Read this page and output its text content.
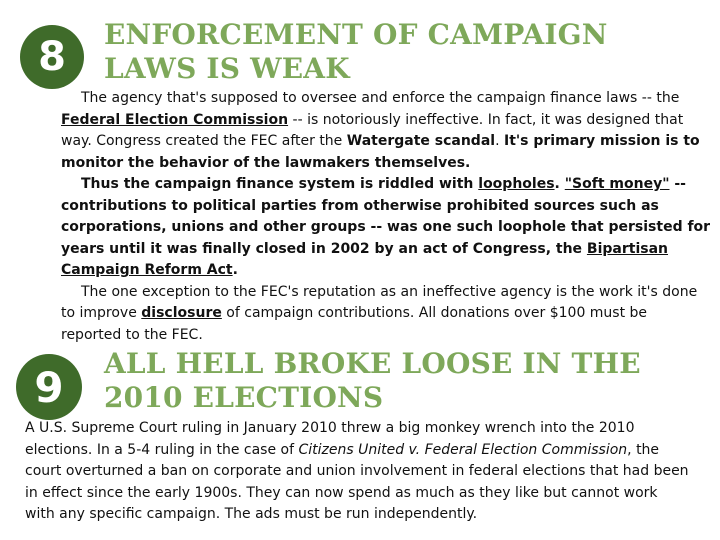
8 ENFORCEMENT OF CAMPAIGN LAWS IS WEAK

The agency that's supposed to oversee and enforce the campaign finance laws -- the Federal Election Commission -- is notoriously ineffective. In fact, it was designed that way. Congress created the FEC after the Watergate scandal. It's primary mission is to monitor the behavior of the lawmakers themselves.

Thus the campaign finance system is riddled with loopholes. "Soft money" -- contributions to political parties from otherwise prohibited sources such as corporations, unions and other groups -- was one such loophole that persisted for years until it was finally closed in 2002 by an act of Congress, the Bipartisan Campaign Reform Act.

The one exception to the FEC's reputation as an ineffective agency is the work it's done to improve disclosure of campaign contributions. All donations over $100 must be reported to the FEC.

9 ALL HELL BROKE LOOSE IN THE 2010 ELECTIONS

A U.S. Supreme Court ruling in January 2010 threw a big monkey wrench into the 2010 elections. In a 5-4 ruling in the case of Citizens United v. Federal Election Commission, the court overturned a ban on corporate and union involvement in federal elections that had been in effect since the early 1900s. They can now spend as much as they like but cannot work with any specific campaign. The ads must be run independently.
